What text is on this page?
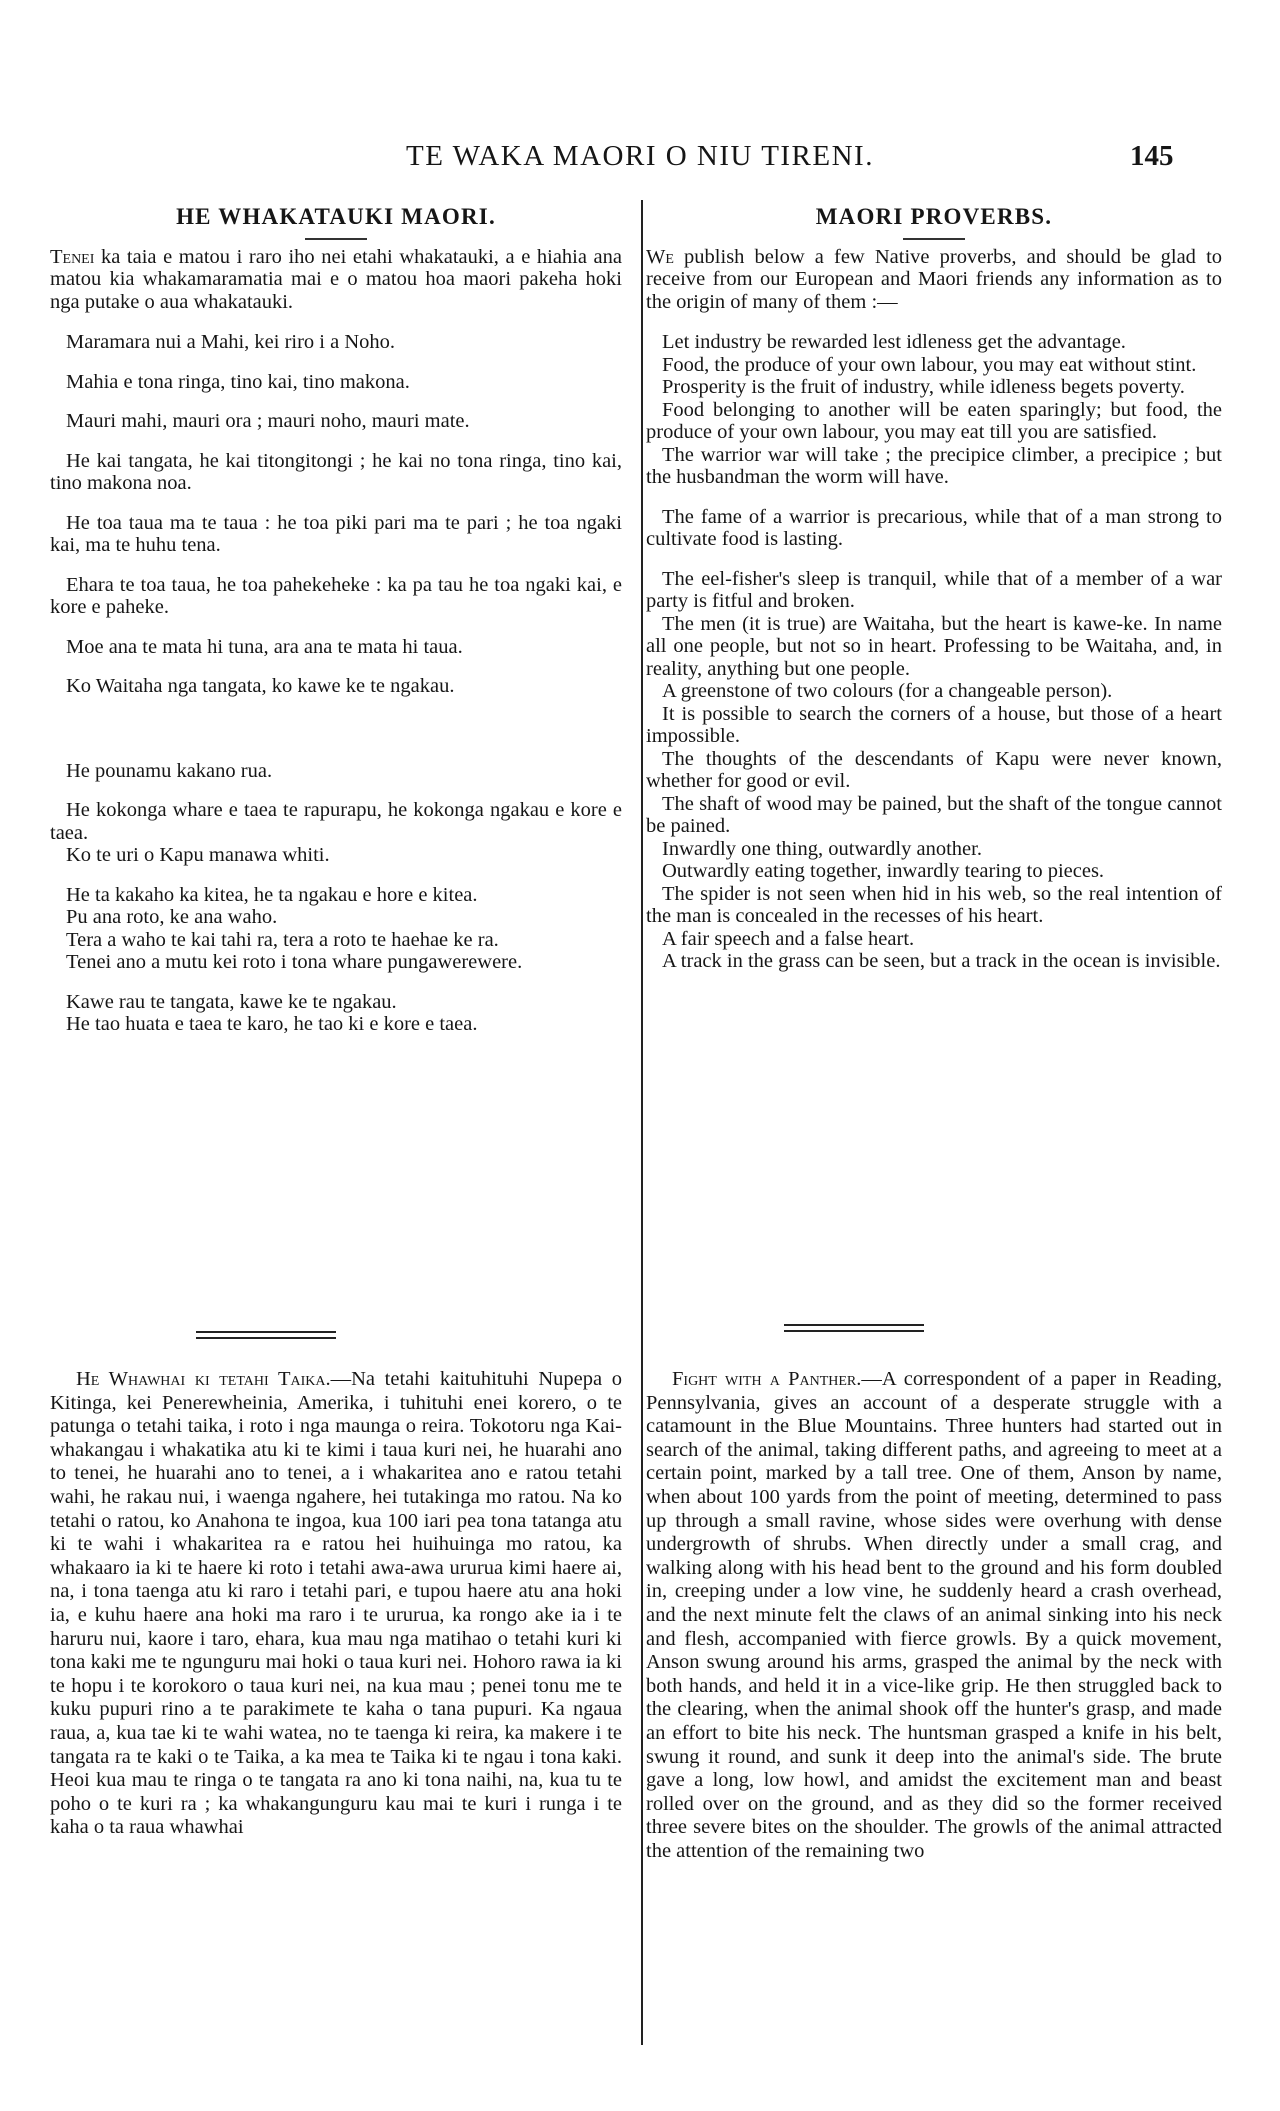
TE WAKA MAORI O NIU TIRENI.	145
HE WHAKATAUKI MAORI.

Tenei ka taia e matou i raro iho nei etahi whakatauki, a e hiahia ana matou kia whakamaramatia mai e o matou hoa maori pakeha hoki nga putake o aua whakatauki.

Maramara nui a Mahi, kei riro i a Noho.

Mahia e tona ringa, tino kai, tino makona.

Mauri mahi, mauri ora ; mauri noho, mauri mate.

He kai tangata, he kai titongitongi ; he kai no tona ringa, tino kai, tino makona noa.

He toa taua ma te taua : he toa piki pari ma te pari ; he toa ngaki kai, ma te huhu tena.

Ehara te toa taua, he toa pahekeheke : ka pa tau he toa ngaki kai, e kore e paheke.

Moe ana te mata hi tuna, ara ana te mata hi taua.

Ko Waitaha nga tangata, ko kawe ke te ngakau.

He pounamu kakano rua.

He kokonga whare e taea te rapurapu, he kokonga ngakau e kore e taea.

Ko te uri o Kapu manawa whiti.

He ta kakaho ka kitea, he ta ngakau e hore e kitea.

Pu ana roto, ke ana waho.

Tera a waho te kai tahi ra, tera a roto te haehae ke ra.

Tenei ano a mutu kei roto i tona whare pungawerewere.

Kawe rau te tangata, kawe ke te ngakau.

He tao huata e taea te karo, he tao ki e kore e taea.

MAORI PROVERBS.

We publish below a few Native proverbs, and should be glad to receive from our European and Maori friends any information as to the origin of many of them :—

Let industry be rewarded lest idleness get the advantage.

Food, the produce of your own labour, you may eat without stint.

Prosperity is the fruit of industry, while idleness begets poverty.

Food belonging to another will be eaten sparingly; but food, the produce of your own labour, you may eat till you are satisfied.

The warrior war will take ; the precipice climber, a precipice ; but the husbandman the worm will have.

The fame of a warrior is precarious, while that of a man strong to cultivate food is lasting.

The eel-fisher's sleep is tranquil, while that of a member of a war party is fitful and broken.

The men (it is true) are Waitaha, but the heart is kawe-ke. In name all one people, but not so in heart. Professing to be Waitaha, and, in reality, anything but one people.

A greenstone of two colours (for a changeable person).

It is possible to search the corners of a house, but those of a heart impossible.

The thoughts of the descendants of Kapu were never known, whether for good or evil.

The shaft of wood may be pained, but the shaft of the tongue cannot be pained.

Inwardly one thing, outwardly another.

Outwardly eating together, inwardly tearing to pieces.

The spider is not seen when hid in his web, so the real intention of the man is concealed in the recesses of his heart.

A fair speech and a false heart.

A track in the grass can be seen, but a track in the ocean is invisible.

He Whawhai ki tetahi Taika.—Na tetahi kaituhituhi Nupepa o Kitinga, kei Penerewheinia, Amerika, i tuhituhi enei korero, o te patunga o tetahi taika, i roto i nga maunga o reira. Tokotoru nga Kai-whakangau i whakatika atu ki te kimi i taua kuri nei, he huarahi ano to tenei, he huarahi ano to tenei, a i whakaritea ano e ratou tetahi wahi, he rakau nui, i waenga ngahere, hei tutakinga mo ratou. Na ko tetahi o ratou, ko Anahona te ingoa, kua 100 iari pea tona tatanga atu ki te wahi i whakaritea ra e ratou hei huihuinga mo ratou, ka whakaaro ia ki te haere ki roto i tetahi awa-awa ururua kimi haere ai, na, i tona taenga atu ki raro i tetahi pari, e tupou haere atu ana hoki ia, e kuhu haere ana hoki ma raro i te ururua, ka rongo ake ia i te haruru nui, kaore i taro, ehara, kua mau nga matihao o tetahi kuri ki tona kaki me te ngunguru mai hoki o taua kuri nei. Hohoro rawa ia ki te hopu i te korokoro o taua kuri nei, na kua mau ; penei tonu me te kuku pupuri rino a te parakimete te kaha o tana pupuri. Ka ngaua raua, a, kua tae ki te wahi watea, no te taenga ki reira, ka makere i te tangata ra te kaki o te Taika, a ka mea te Taika ki te ngau i tona kaki. Heoi kua mau te ringa o te tangata ra ano ki tona naihi, na, kua tu te poho o te kuri ra ; ka whakangunguru kau mai te kuri i runga i te kaha o ta raua whawhai

Fight with a Panther.—A correspondent of a paper in Reading, Pennsylvania, gives an account of a desperate struggle with a catamount in the Blue Mountains. Three hunters had started out in search of the animal, taking different paths, and agreeing to meet at a certain point, marked by a tall tree. One of them, Anson by name, when about 100 yards from the point of meeting, determined to pass up through a small ravine, whose sides were overhung with dense undergrowth of shrubs. When directly under a small crag, and walking along with his head bent to the ground and his form doubled in, creeping under a low vine, he suddenly heard a crash overhead, and the next minute felt the claws of an animal sinking into his neck and flesh, accompanied with fierce growls. By a quick movement, Anson swung around his arms, grasped the animal by the neck with both hands, and held it in a vice-like grip. He then struggled back to the clearing, when the animal shook off the hunter's grasp, and made an effort to bite his neck. The huntsman grasped a knife in his belt, swung it round, and sunk it deep into the animal's side. The brute gave a long, low howl, and amidst the excitement man and beast rolled over on the ground, and as they did so the former received three severe bites on the shoulder. The growls of the animal attracted the attention of the remaining two
